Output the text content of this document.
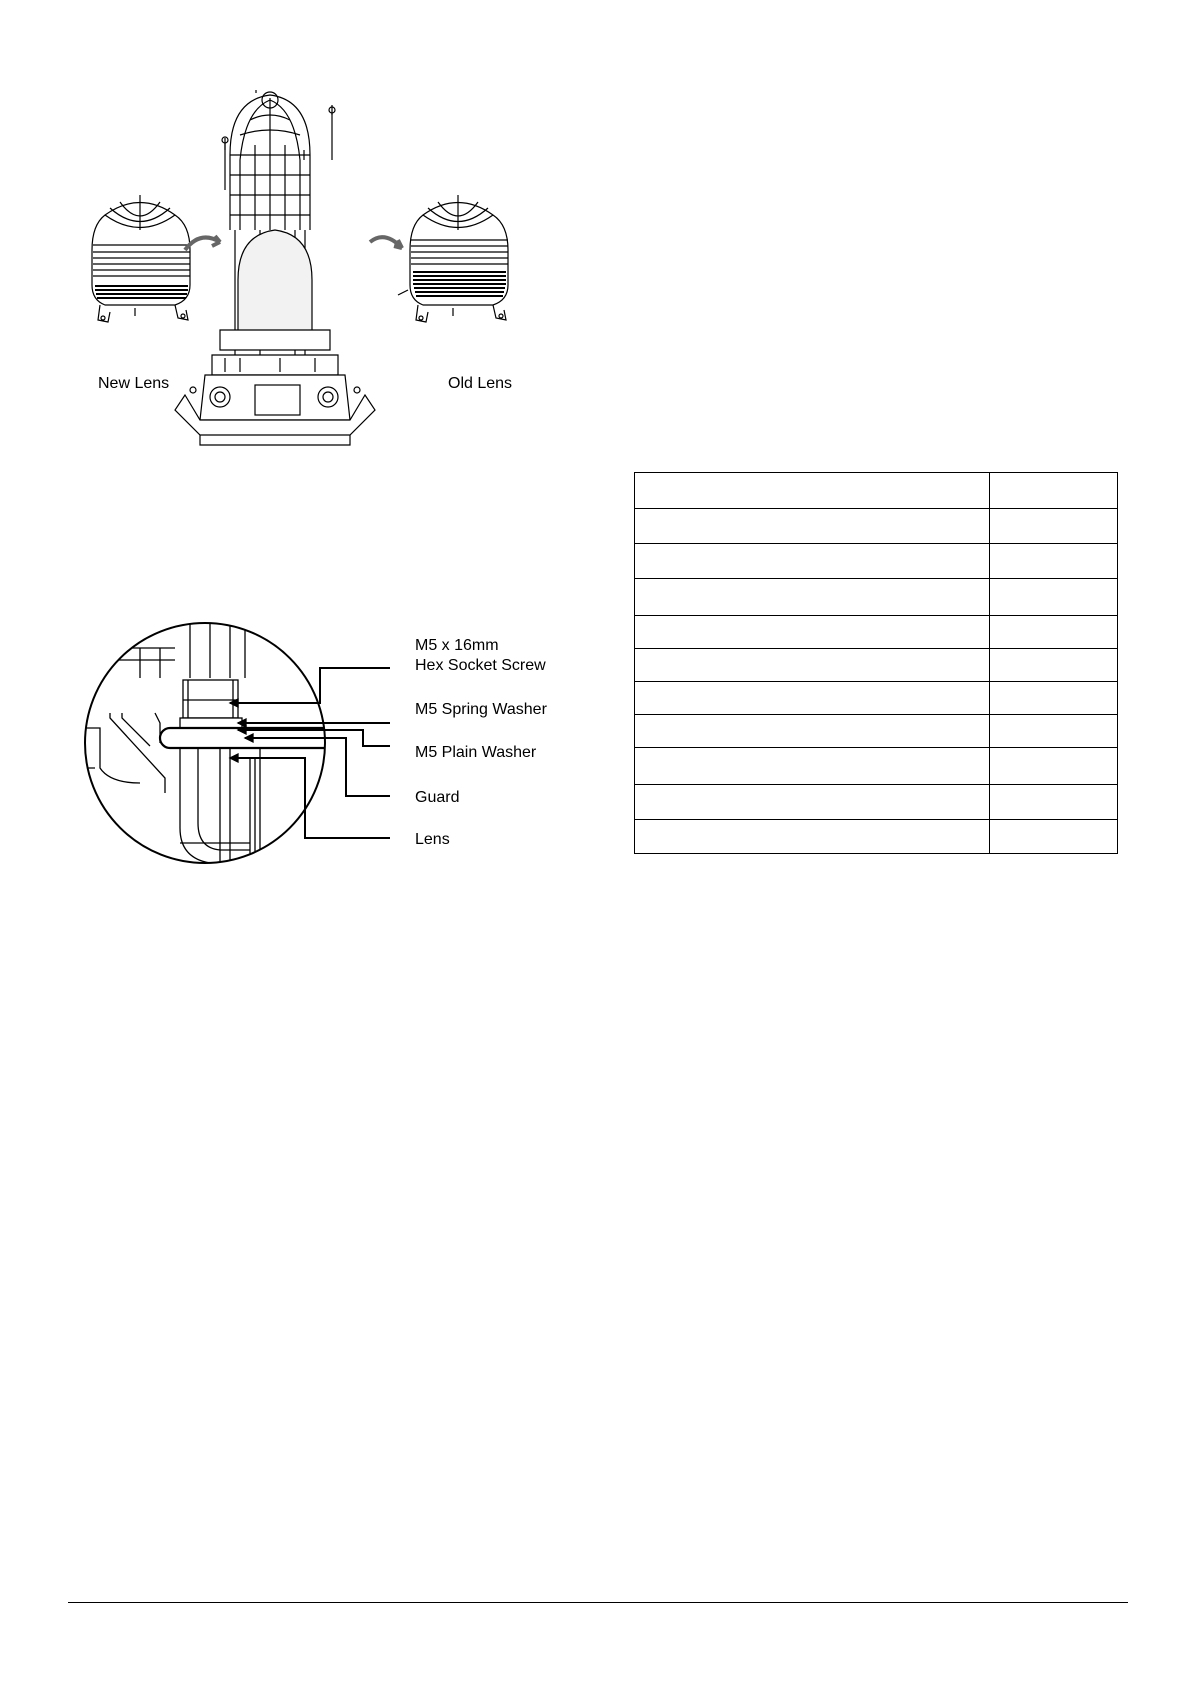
New Lens	Old Lens
M5 x 16mm
Hex Socket Screw
M5 Spring Washer
M5 Plain Washer
Guard
Lens
